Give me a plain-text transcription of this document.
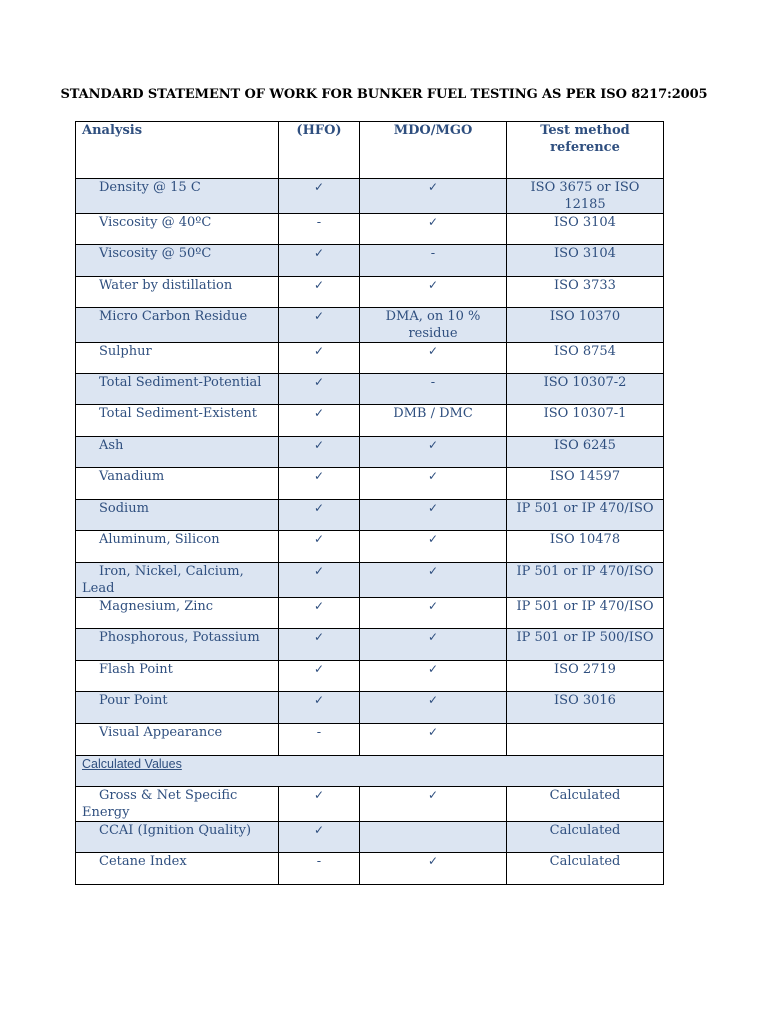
STANDARD STATEMENT OF WORK FOR BUNKER FUEL TESTING AS PER ISO 8217:2005
Analysis	(HFO)	MDO/MGO	Test method reference
Density @ 15 C	✓	✓	ISO 3675 or ISO 12185
Viscosity @ 40ºC	-	✓	ISO 3104
Viscosity @ 50ºC	✓	-	ISO 3104
Water by distillation	✓	✓	ISO 3733
Micro Carbon Residue	✓	DMA, on 10 % residue	ISO 10370
Sulphur	✓	✓	ISO 8754
Total Sediment-Potential	✓	-	ISO 10307-2
Total Sediment-Existent	✓	DMB / DMC	ISO 10307-1
Ash	✓	✓	ISO 6245
Vanadium	✓	✓	ISO 14597
Sodium	✓	✓	IP 501 or IP 470/ISO
Aluminum, Silicon	✓	✓	ISO 10478
Iron, Nickel, Calcium, Lead	✓	✓	IP 501 or IP 470/ISO
Magnesium, Zinc	✓	✓	IP 501 or IP 470/ISO
Phosphorous, Potassium	✓	✓	IP 501 or IP 500/ISO
Flash Point	✓	✓	ISO 2719
Pour Point	✓	✓	ISO 3016
Visual Appearance	-	✓	
Calculated Values			
Gross & Net Specific Energy	✓	✓	Calculated
CCAI (Ignition Quality)	✓		Calculated
Cetane Index	-	✓	Calculated
